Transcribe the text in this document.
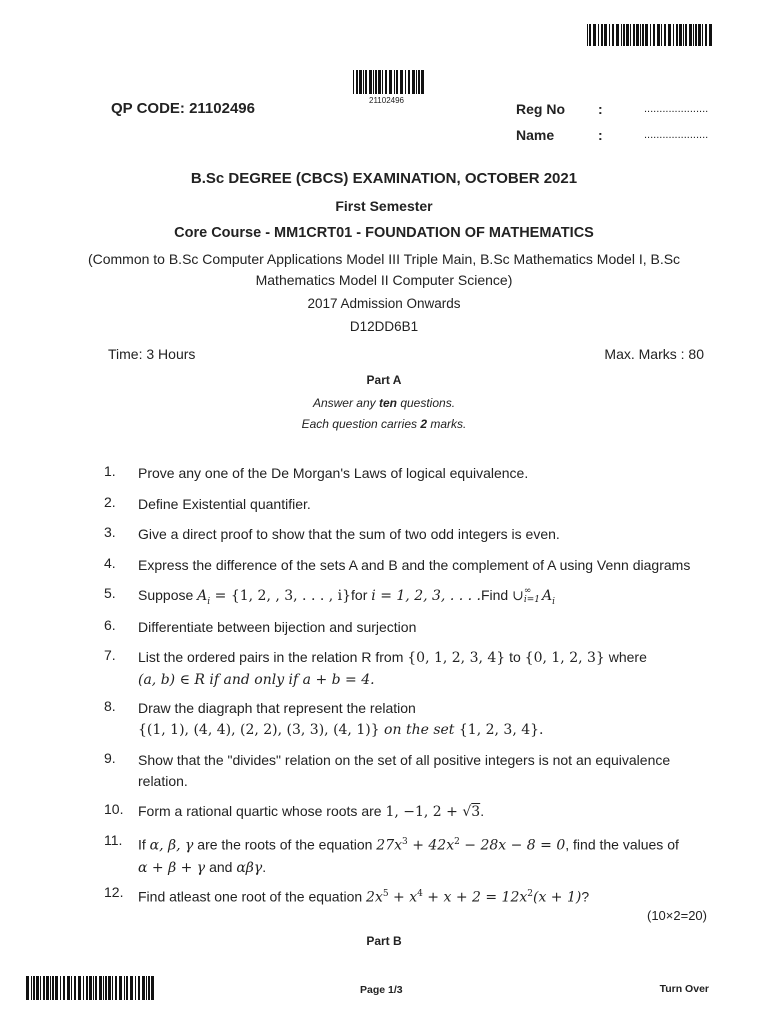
QP CODE: 21102496	21102496
Reg No :	.....................
Name	:	.....................
B.Sc DEGREE (CBCS) EXAMINATION, OCTOBER 2021
First Semester
Core Course - MM1CRT01 - FOUNDATION OF MATHEMATICS
(Common to B.Sc Computer Applications Model III Triple Main, B.Sc Mathematics Model I, B.Sc
Mathematics Model II Computer Science)
2017 Admission Onwards
D12DD6B1
Time: 3 Hours	Max. Marks : 80
Part A
Answer any ten questions.
Each question carries 2 marks.
1. Prove any one of the De Morgan's Laws of logical equivalence.
2. Define Existential quantifier.
3. Give a direct proof to show that the sum of two odd integers is even.
4. Express the difference of the sets A and B and the complement of A using Venn diagrams
5. Suppose $A_i = \{1$, 2, , 3, . . . , i}for i = 1, 2, 3, . . . .Find ∪ ∞
i=1 $A_i$
6. Differentiate between bijection and surjection
7. List the ordered pairs in the relation R from {0, 1, 2, 3, 4} to {0, 1, 2, 3} where
(a, b) ∈ R if and only if a + b = 4.
8. Draw the diagraph that represent the relation
{(1, 1), (4, 4), (2, 2), (3, 3), (4, 1)} on the set {1, 2, 3, 4}.
9. Show that the "divides" relation on the set of all positive integers is not an equivalence
relation.
10. Form a rational quartic whose roots are 1, −1, 2 + √3.
11. If α, β, γ are the roots of the equation $27x^3 + 42x^2 - 28x - 8 = 0$, find the values of
α + β + γ and αβγ.
12. Find atleast one root of the equation $2x^5 + x^4 + x + 2 = 12x^2(x + 1)$?
(10×2=20)
Part B
Page 1/3	Turn Over
